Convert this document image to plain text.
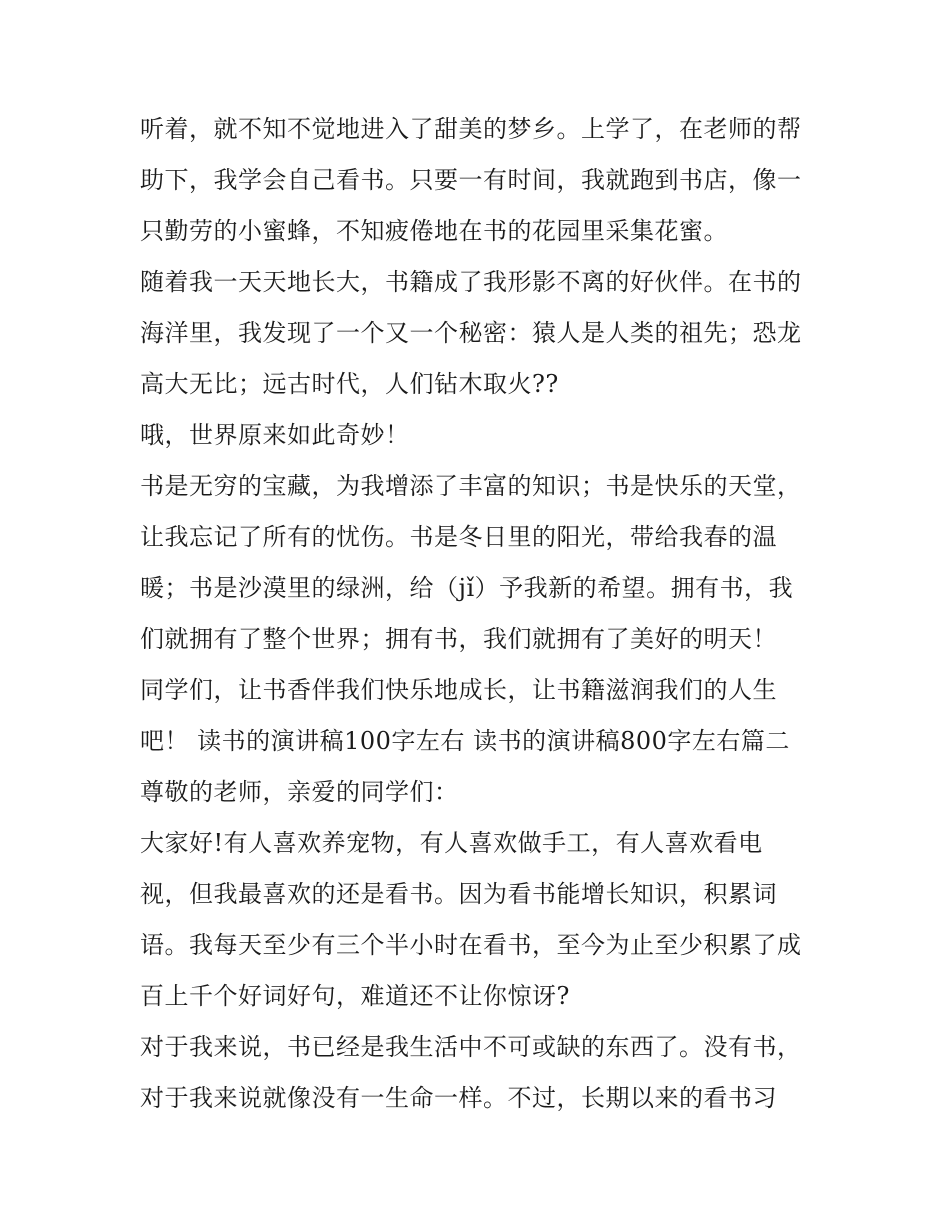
听着，就不知不觉地进入了甜美的梦乡。上学了，在老师的帮
助下，我学会自己看书。只要一有时间，我就跑到书店，像一
只勤劳的小蜜蜂，不知疲倦地在书的花园里采集花蜜。
随着我一天天地长大，书籍成了我形影不离的好伙伴。在书的
海洋里，我发现了一个又一个秘密：猿人是人类的祖先；恐龙
高大无比；远古时代，人们钻木取火??
哦，世界原来如此奇妙！
书是无穷的宝藏，为我增添了丰富的知识；书是快乐的天堂，
让我忘记了所有的忧伤。书是冬日里的阳光，带给我春的温
暖；书是沙漠里的绿洲，给（jǐ）予我新的希望。拥有书，我
们就拥有了整个世界；拥有书，我们就拥有了美好的明天！
同学们，让书香伴我们快乐地成长，让书籍滋润我们的人生
吧！ 读书的演讲稿100字左右 读书的演讲稿800字左右篇二
尊敬的老师，亲爱的同学们：
大家好!有人喜欢养宠物，有人喜欢做手工，有人喜欢看电
视，但我最喜欢的还是看书。因为看书能增长知识，积累词
语。我每天至少有三个半小时在看书，至今为止至少积累了成
百上千个好词好句，难道还不让你惊讶?
对于我来说，书已经是我生活中不可或缺的东西了。没有书，
对于我来说就像没有一生命一样。不过，长期以来的看书习
